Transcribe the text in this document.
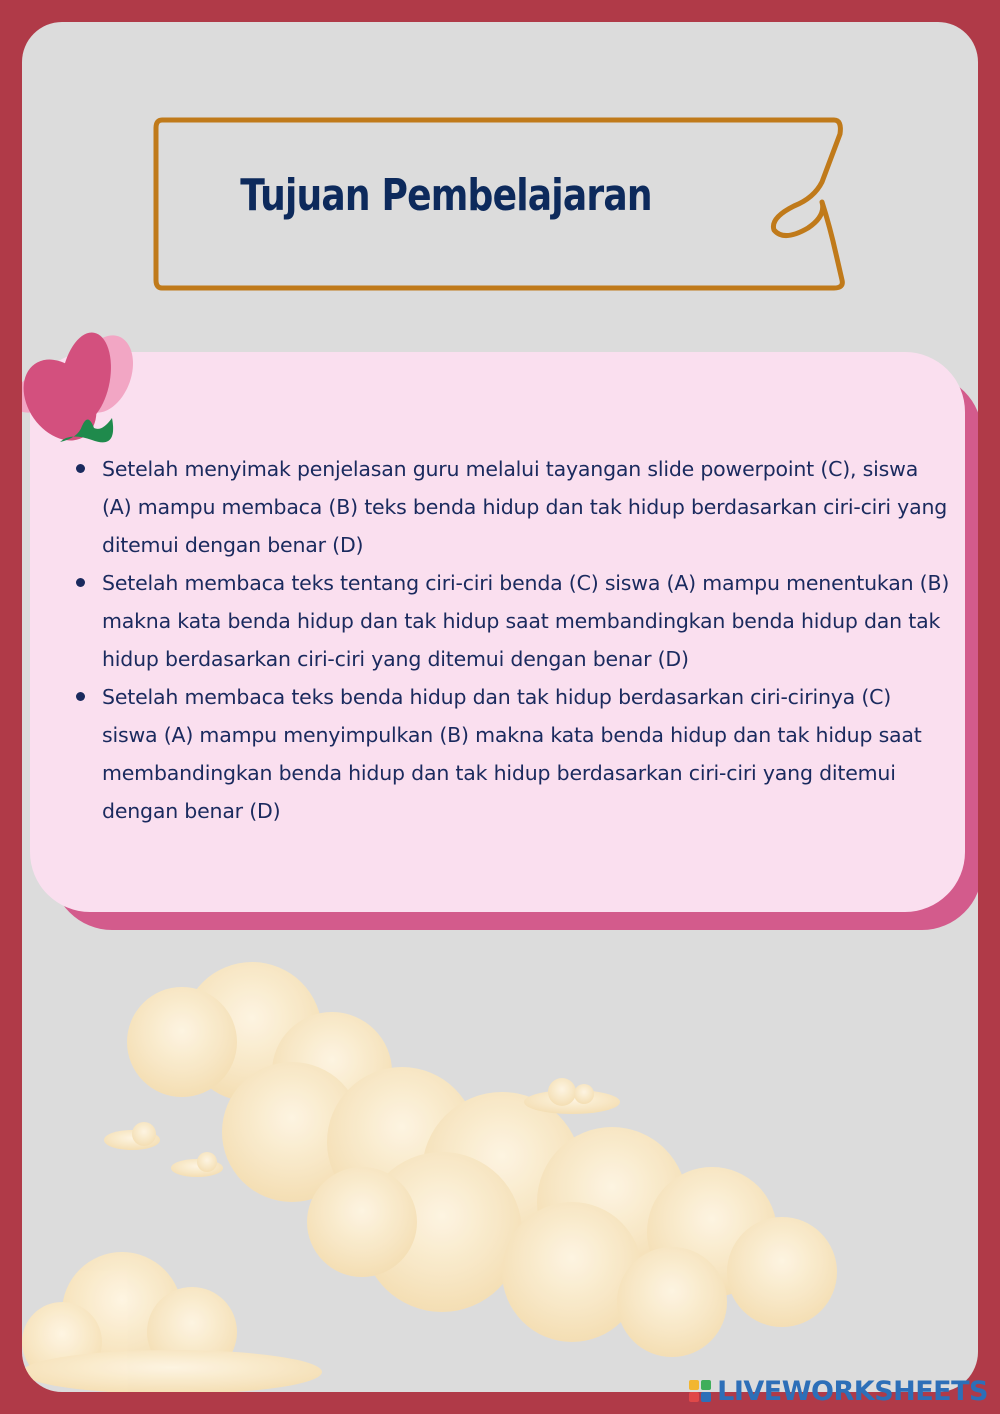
Tujuan Pembelajaran
Setelah menyimak penjelasan guru melalui tayangan slide powerpoint (C), siswa (A) mampu membaca (B) teks benda hidup dan tak hidup berdasarkan ciri-ciri yang ditemui dengan benar (D)
Setelah membaca teks tentang ciri-ciri benda (C) siswa (A) mampu menentukan (B) makna kata benda hidup dan tak hidup saat membandingkan benda hidup dan tak hidup berdasarkan ciri-ciri yang ditemui dengan benar (D)
Setelah membaca teks benda hidup dan tak hidup berdasarkan ciri-cirinya (C) siswa (A) mampu menyimpulkan (B) makna kata benda hidup dan tak hidup saat membandingkan benda hidup dan tak hidup berdasarkan ciri-ciri yang ditemui dengan benar (D)
LIVEWORKSHEETS
